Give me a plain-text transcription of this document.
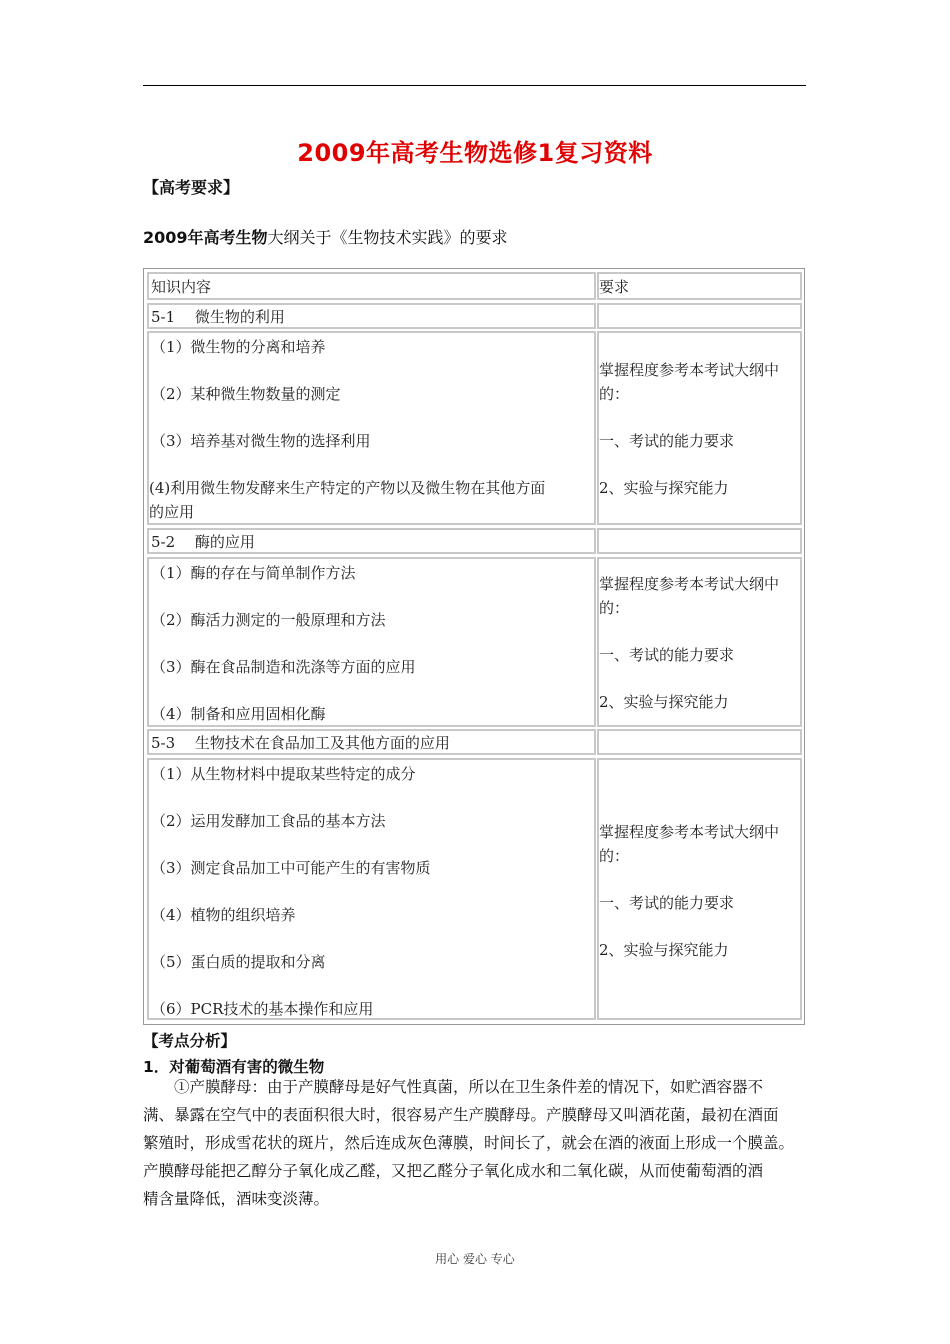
2009年高考生物选修1复习资料
【高考要求】
2009年高考生物大纲关于《生物技术实践》的要求
知识内容	要求
5-1　 微生物的利用
（1）微生物的分离和培养
（2）某种微生物数量的测定
（3）培养基对微生物的选择利用
(4)利用微生物发酵来生产特定的产物以及微生物在其他方面
的应用
掌握程度参考本考试大纲中
的：
一、考试的能力要求
2、实验与探究能力
5-2　 酶的应用
（1）酶的存在与简单制作方法
（2）酶活力测定的一般原理和方法
（3）酶在食品制造和洗涤等方面的应用
（4）制备和应用固相化酶
掌握程度参考本考试大纲中
的：
一、考试的能力要求
2、实验与探究能力
5-3　 生物技术在食品加工及其他方面的应用
（1）从生物材料中提取某些特定的成分
（2）运用发酵加工食品的基本方法
（3）测定食品加工中可能产生的有害物质
（4）植物的组织培养
（5）蛋白质的提取和分离
（6）PCR技术的基本操作和应用
掌握程度参考本考试大纲中
的：
一、考试的能力要求
2、实验与探究能力
【考点分析】
1．对葡萄酒有害的微生物
　　①产膜酵母：由于产膜酵母是好气性真菌，所以在卫生条件差的情况下，如贮酒容器不
满、暴露在空气中的表面积很大时，很容易产生产膜酵母。产膜酵母又叫酒花菌，最初在酒面
繁殖时，形成雪花状的斑片，然后连成灰色薄膜，时间长了，就会在酒的液面上形成一个膜盖。
产膜酵母能把乙醇分子氧化成乙醛，又把乙醛分子氧化成水和二氧化碳，从而使葡萄酒的酒
精含量降低，酒味变淡薄。
用心 爱心 专心
